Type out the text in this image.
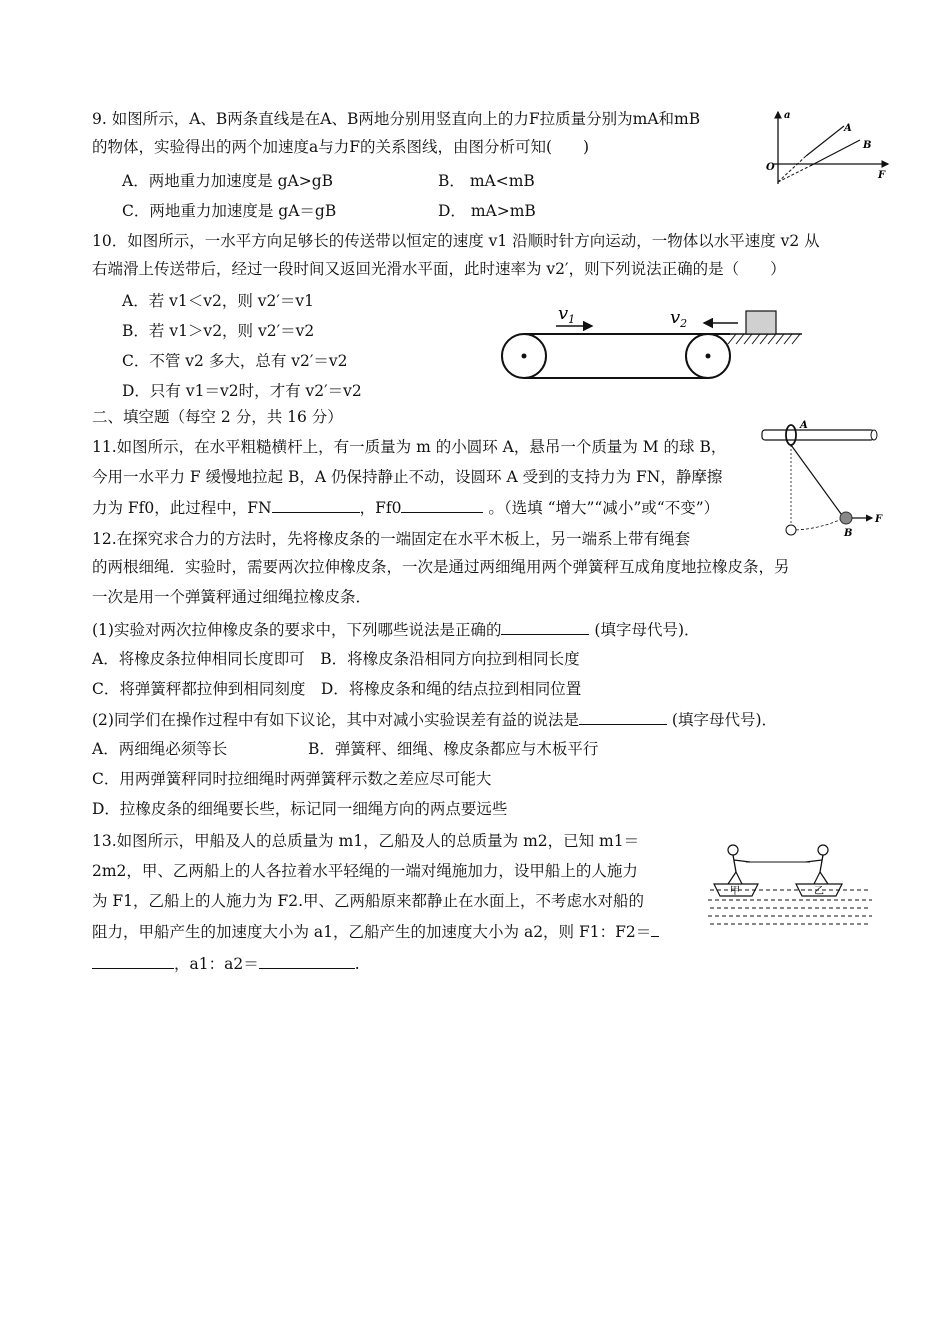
9. 如图所示，A、B两条直线是在A、B两地分别用竖直向上的力F拉质量分别为mA和mB
的物体，实验得出的两个加速度a与力F的关系图线，由图分析可知(　　)
A．两地重力加速度是 gA>gB	B． mA<mB
C．两地重力加速度是 gA＝gB	D． mA>mB
a
F
O
A
B
10．如图所示，一水平方向足够长的传送带以恒定的速度 v1 沿顺时针方向运动，一物体以水平速度 v2 从
右端滑上传送带后，经过一段时间又返回光滑水平面，此时速率为 v2′，则下列说法正确的是（　　）
A．若 v1＜v2，则 v2′＝v1
B．若 v1＞v2，则 v2′＝v2
C．不管 v2 多大，总有 v2′＝v2
D．只有 v1＝v2时，才有 v2′＝v2
$v_1$	$v_2$
二、填空题（每空 2 分，共 16 分）
11.如图所示，在水平粗糙横杆上，有一质量为 m 的小圆环 A，悬吊一个质量为 M 的球 B，
今用一水平力 F 缓慢地拉起 B，A 仍保持静止不动，设圆环 A 受到的支持力为 FN，静摩擦
力为 Ff0，此过程中，FN	，Ff0	。（选填 “增大”“减小”或“不变”）
A
B
F
12.在探究求合力的方法时，先将橡皮条的一端固定在水平木板上，另一端系上带有绳套
的两根细绳．实验时，需要两次拉伸橡皮条，一次是通过两细绳用两个弹簧秤互成角度地拉橡皮条，另
一次是用一个弹簧秤通过细绳拉橡皮条．
(1)实验对两次拉伸橡皮条的要求中，下列哪些说法是正确的	(填字母代号)．
A．将橡皮条拉伸相同长度即可　B．将橡皮条沿相同方向拉到相同长度
C．将弹簧秤都拉伸到相同刻度　D．将橡皮条和绳的结点拉到相同位置
(2)同学们在操作过程中有如下议论，其中对减小实验误差有益的说法是	(填字母代号)．
A．两细绳必须等长	B．弹簧秤、细绳、橡皮条都应与木板平行
C．用两弹簧秤同时拉细绳时两弹簧秤示数之差应尽可能大
D．拉橡皮条的细绳要长些，标记同一细绳方向的两点要远些
13.如图所示，甲船及人的总质量为 m1，乙船及人的总质量为 m2，已知 m1＝
2m2，甲、乙两船上的人各拉着水平轻绳的一端对绳施加力，设甲船上的人施力
为 F1，乙船上的人施力为 F2.甲、乙两船原来都静止在水面上，不考虑水对船的
阻力，甲船产生的加速度大小为 a1，乙船产生的加速度大小为 a2，则 F1：F2＝
，a1：a2＝	.
甲	乙
